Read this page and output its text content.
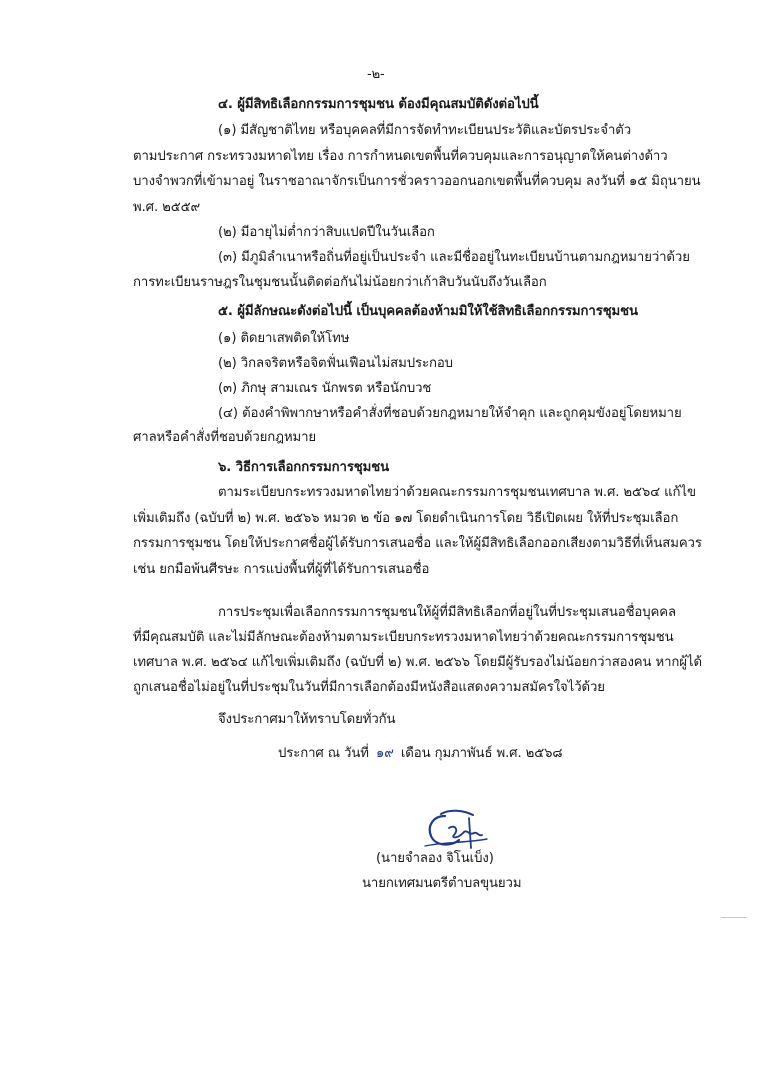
-๒-
๔. ผู้มีสิทธิเลือกกรรมการชุมชน ต้องมีคุณสมบัติดังต่อไปนี้
(๑) มีสัญชาติไทย หรือบุคคลที่มีการจัดทำทะเบียนประวัติและบัตรประจำตัว
ตามประกาศ กระทรวงมหาดไทย เรื่อง การกำหนดเขตพื้นที่ควบคุมและการอนุญาตให้คนต่างด้าว
บางจำพวกที่เข้ามาอยู่ ในราชอาณาจักรเป็นการชั่วคราวออกนอกเขตพื้นที่ควบคุม ลงวันที่ ๑๕ มิถุนายน
พ.ศ. ๒๕๕๙
(๒) มีอายุไม่ต่ำกว่าสิบแปดปีในวันเลือก
(๓) มีภูมิลำเนาหรือถิ่นที่อยู่เป็นประจำ และมีชื่ออยู่ในทะเบียนบ้านตามกฎหมายว่าด้วย
การทะเบียนราษฎรในชุมชนนั้นติดต่อกันไม่น้อยกว่าเก้าสิบวันนับถึงวันเลือก
๕. ผู้มีลักษณะดังต่อไปนี้ เป็นบุคคลต้องห้ามมิให้ใช้สิทธิเลือกกรรมการชุมชน
(๑) ติดยาเสพติดให้โทษ
(๒) วิกลจริตหรือจิตฟั่นเฟือนไม่สมประกอบ
(๓) ภิกษุ สามเณร นักพรต หรือนักบวช
(๔) ต้องคำพิพากษาหรือคำสั่งที่ชอบด้วยกฎหมายให้จำคุก และถูกคุมขังอยู่โดยหมาย
ศาลหรือคำสั่งที่ชอบด้วยกฎหมาย
๖. วิธีการเลือกกรรมการชุมชน
ตามระเบียบกระทรวงมหาดไทยว่าด้วยคณะกรรมการชุมชนเทศบาล พ.ศ. ๒๕๖๔ แก้ไข
เพิ่มเติมถึง (ฉบับที่ ๒) พ.ศ. ๒๕๖๖ หมวด ๒ ข้อ ๑๗ โดยดำเนินการโดย วิธีเปิดเผย ให้ที่ประชุมเลือก
กรรมการชุมชน โดยให้ประกาศชื่อผู้ได้รับการเสนอชื่อ และให้ผู้มีสิทธิเลือกออกเสียงตามวิธีที่เห็นสมควร
เช่น ยกมือพ้นศีรษะ การแบ่งพื้นที่ผู้ที่ได้รับการเสนอชื่อ
การประชุมเพื่อเลือกกรรมการชุมชนให้ผู้ที่มีสิทธิเลือกที่อยู่ในที่ประชุมเสนอชื่อบุคคล
ที่มีคุณสมบัติ และไม่มีลักษณะต้องห้ามตามระเบียบกระทรวงมหาดไทยว่าด้วยคณะกรรมการชุมชน
เทศบาล พ.ศ. ๒๕๖๔ แก้ไขเพิ่มเติมถึง (ฉบับที่ ๒) พ.ศ. ๒๕๖๖ โดยมีผู้รับรองไม่น้อยกว่าสองคน หากผู้ได้
ถูกเสนอชื่อไม่อยู่ในที่ประชุมในวันที่มีการเลือกต้องมีหนังสือแสดงความสมัครใจไว้ด้วย
จึงประกาศมาให้ทราบโดยทั่วกัน
ประกาศ ณ วันที่ ๑๙ เดือน กุมภาพันธ์ พ.ศ. ๒๕๖๘
(นายจำลอง จิโนเบ็ง)
นายกเทศมนตรีตำบลขุนยวม
